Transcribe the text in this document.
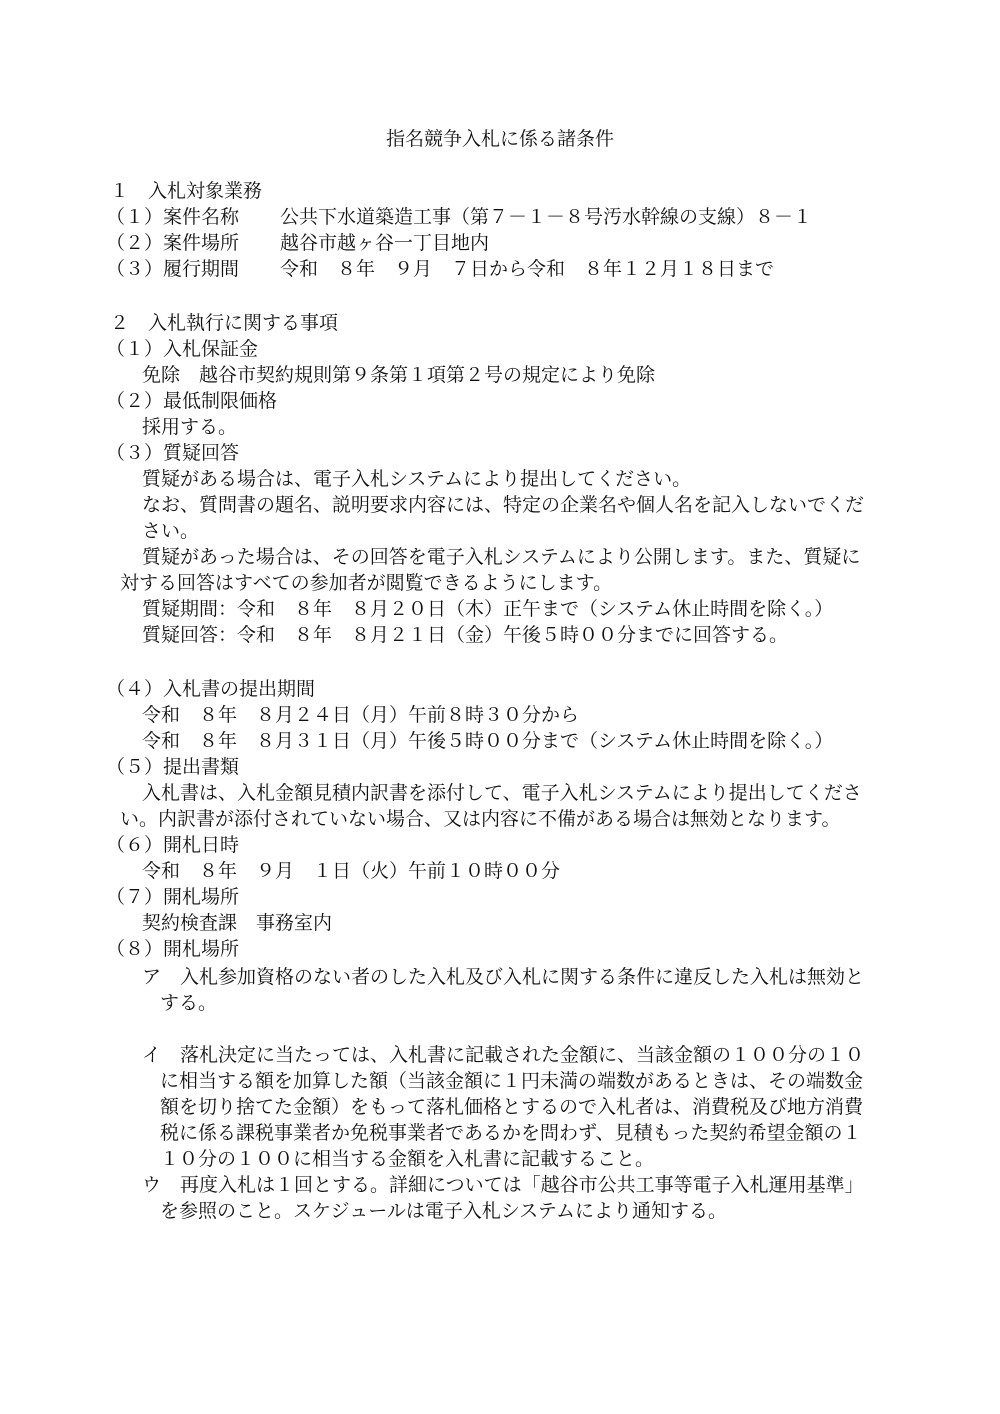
指名競争入札に係る諸条件
１　入札対象業務
（１）案件名称 公共下水道築造工事（第７－１－８号汚水幹線の支線）８－１
（２）案件場所 越谷市越ヶ谷一丁目地内
（３）履行期間 令和　８年　９月　７日から令和　８年１２月１８日まで
２　入札執行に関する事項
（１）入札保証金
免除　越谷市契約規則第９条第１項第２号の規定により免除
（２）最低制限価格
採用する。
（３）質疑回答
質疑がある場合は、電子入札システムにより提出してください。
なお、質問書の題名、説明要求内容には、特定の企業名や個人名を記入しないでくだ
さい。
質疑があった場合は、その回答を電子入札システムにより公開します。また、質疑に
対する回答はすべての参加者が閲覧できるようにします。
質疑期間：令和　８年　８月２０日（木）正午まで（システム休止時間を除く。）
質疑回答：令和　８年　８月２１日（金）午後５時００分までに回答する。
（４）入札書の提出期間
令和　８年　８月２４日（月）午前８時３０分から
令和　８年　８月３１日（月）午後５時００分まで（システム休止時間を除く。）
（５）提出書類
入札書は、入札金額見積内訳書を添付して、電子入札システムにより提出してくださ
い。内訳書が添付されていない場合、又は内容に不備がある場合は無効となります。
（６）開札日時
令和　８年　９月　１日（火）午前１０時００分
（７）開札場所
契約検査課　事務室内
（８）開札場所
ア　入札参加資格のない者のした入札及び入札に関する条件に違反した入札は無効と
する。
イ　落札決定に当たっては、入札書に記載された金額に、当該金額の１００分の１０
に相当する額を加算した額（当該金額に１円未満の端数があるときは、その端数金
額を切り捨てた金額）をもって落札価格とするので入札者は、消費税及び地方消費
税に係る課税事業者か免税事業者であるかを問わず、見積もった契約希望金額の１
１０分の１００に相当する金額を入札書に記載すること。
ウ　再度入札は１回とする。詳細については「越谷市公共工事等電子入札運用基準」
を参照のこと。スケジュールは電子入札システムにより通知する。
